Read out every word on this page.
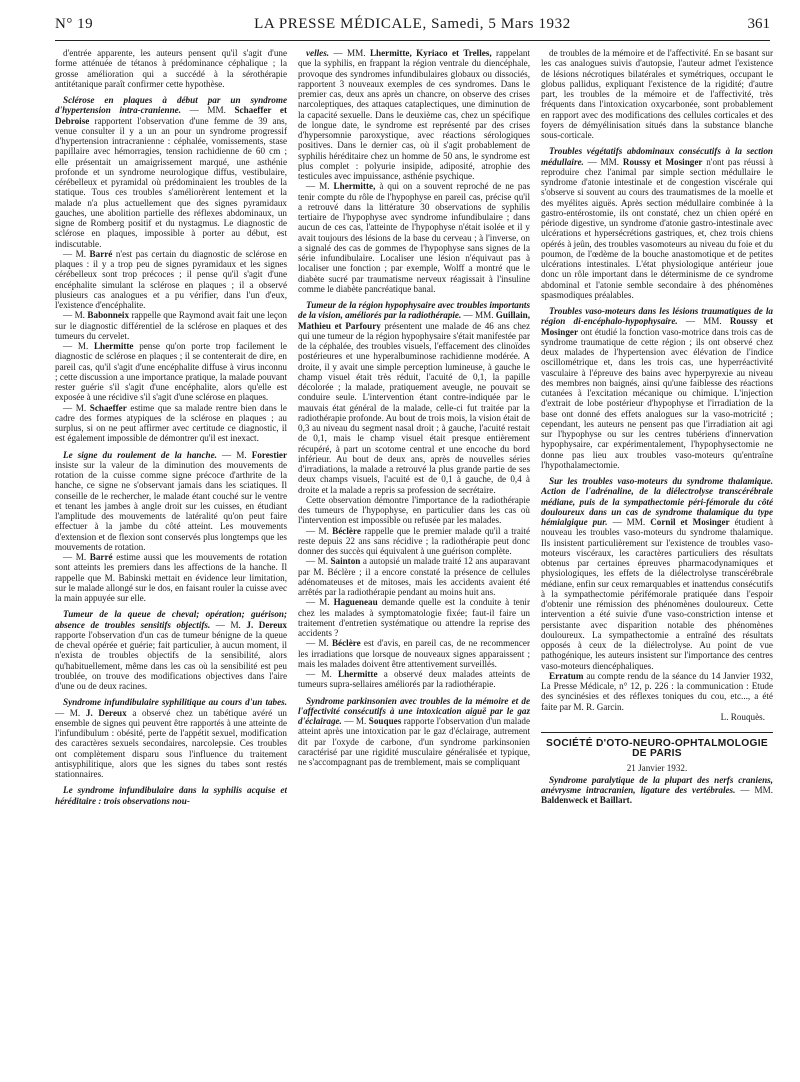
N° 19	LA PRESSE MÉDICALE, Samedi, 5 Mars 1932	361

d'entrée apparente, les auteurs pensent qu'il s'agit d'une forme atténuée de tétanos à prédominance céphalique ; la grosse amélioration qui a succédé à la sérothérapie antitétanique paraît confirmer cette hypothèse.

Sclérose en plaques à début par un syndrome d'hypertension intra-cranienne. — MM. Schaeffer et Debroise rapportent l'observation d'une femme de 39 ans, venue consulter il y a un an pour un syndrome progressif d'hypertension intracranienne : céphalée, vomissements, stase papillaire avec hémorragies, tension rachidienne de 60 cm ; elle présentait un amaigrissement marqué, une asthénie profonde et un syndrome neurologique diffus, vestibulaire, cérébelleux et pyramidal où prédominaient les troubles de la statique. Tous ces troubles s'améliorèrent lentement et la malade n'a plus actuellement que des signes pyramidaux gauches, une abolition partielle des réflexes abdominaux, un signe de Romberg positif et du nystagmus. Le diagnostic de sclérose en plaques, impossible à porter au début, est indiscutable.

— M. Barré n'est pas certain du diagnostic de sclérose en plaques : il y a trop peu de signes pyramidaux et les signes cérébelleux sont trop précoces ; il pense qu'il s'agit d'une encéphalite simulant la sclérose en plaques ; il a observé plusieurs cas analogues et a pu vérifier, dans l'un d'eux, l'existence d'encéphalite.

— M. Babonneix rappelle que Raymond avait fait une leçon sur le diagnostic différentiel de la sclérose en plaques et des tumeurs du cervelet.

— M. Lhermitte pense qu'on porte trop facilement le diagnostic de sclérose en plaques ; il se contenterait de dire, en pareil cas, qu'il s'agit d'une encéphalite diffuse à virus inconnu ; cette discussion a une importance pratique, la malade pouvant rester guérie s'il s'agit d'une encéphalite, alors qu'elle est exposée à une récidive s'il s'agit d'une sclérose en plaques.

— M. Schaeffer estime que sa malade rentre bien dans le cadre des formes atypiques de la sclérose en plaques ; au surplus, si on ne peut affirmer avec certitude ce diagnostic, il est également impossible de démontrer qu'il est inexact.

Le signe du roulement de la hanche. — M. Forestier insiste sur la valeur de la diminution des mouvements de rotation de la cuisse comme signe précoce d'arthrite de la hanche, ce signe ne s'observant jamais dans les sciatiques. Il conseille de le rechercher, le malade étant couché sur le ventre et tenant les jambes à angle droit sur les cuisses, en étudiant l'amplitude des mouvements de latéralité qu'on peut faire effectuer à la jambe du côté atteint. Les mouvements d'extension et de flexion sont conservés plus longtemps que les mouvements de rotation.

— M. Barré estime aussi que les mouvements de rotation sont atteints les premiers dans les affections de la hanche. Il rappelle que M. Babinski mettait en évidence leur limitation, sur le malade allongé sur le dos, en faisant rouler la cuisse avec la main appuyée sur elle.

Tumeur de la queue de cheval; opération; guérison; absence de troubles sensitifs objectifs. — M. J. Dereux rapporte l'observation d'un cas de tumeur bénigne de la queue de cheval opérée et guérie; fait particulier, à aucun moment, il n'exista de troubles objectifs de la sensibilité, alors qu'habituellement, même dans les cas où la sensibilité est peu troublée, on trouve des modifications objectives dans l'aire d'une ou de deux racines.

Syndrome infundibulaire syphilitique au cours d'un tabes. — M. J. Dereux a observé chez un tabétique avéré un ensemble de signes qui peuvent être rapportés à une atteinte de l'infundibulum : obésité, perte de l'appétit sexuel, modification des caractères sexuels secondaires, narcolepsie. Ces troubles ont complètement disparu sous l'influence du traitement antisyphilitique, alors que les signes du tabes sont restés stationnaires.

Le syndrome infundibulaire dans la syphilis acquise et héréditaire : trois observations nou-

velles. — MM. Lhermitte, Kyriaco et Trelles, rappelant que la syphilis, en frappant la région ventrale du diencéphale, provoque des syndromes infundibulaires globaux ou dissociés, rapportent 3 nouveaux exemples de ces syndromes. Dans le premier cas, deux ans après un chancre, on observe des crises narcoleptiques, des attaques cataplectiques, une diminution de la capacité sexuelle. Dans le deuxième cas, chez un spécifique de longue date, le syndrome est représenté par des crises d'hypersomnie paroxystique, avec réactions sérologiques positives. Dans le dernier cas, où il s'agit probablement de syphilis héréditaire chez un homme de 50 ans, le syndrome est plus complet : polyurie insipide, adiposité, atrophie des testicules avec impuissance, asthénie psychique.

— M. Lhermitte, à qui on a souvent reproché de ne pas tenir compte du rôle de l'hypophyse en pareil cas, précise qu'il a retrouvé dans la littérature 30 observations de syphilis tertiaire de l'hypophyse avec syndrome infundibulaire ; dans aucun de ces cas, l'atteinte de l'hypophyse n'était isolée et il y avait toujours des lésions de la base du cerveau ; à l'inverse, on a signalé des cas de gommes de l'hypophyse sans signes de la série infundibulaire. Localiser une lésion n'équivaut pas à localiser une fonction ; par exemple, Wolff a montré que le diabète sucré par traumatisme nerveux réagissait à l'insuline comme le diabète pancréatique banal.

Tumeur de la région hypophysaire avec troubles importants de la vision, améliorés par la radiothérapie. — MM. Guillain, Mathieu et Parfoury présentent une malade de 46 ans chez qui une tumeur de la région hypophysaire s'était manifestée par de la céphalée, des troubles visuels, l'effacement des clinoïdes postérieures et une hyperalbuminose rachidienne modérée. A droite, il y avait une simple perception lumineuse, à gauche le champ visuel était très réduit, l'acuité de 0,1, la papille décolorée ; la malade, pratiquement aveugle, ne pouvait se conduire seule. L'intervention étant contre-indiquée par le mauvais état général de la malade, celle-ci fut traitée par la radiothérapie profonde. Au bout de trois mois, la vision était de 0,3 au niveau du segment nasal droit ; à gauche, l'acuité restait de 0,1, mais le champ visuel était presque entièrement récupéré, à part un scotome central et une encoche du bord inférieur. Au bout de deux ans, après de nouvelles séries d'irradiations, la malade a retrouvé la plus grande partie de ses deux champs visuels, l'acuité est de 0,1 à gauche, de 0,4 à droite et la malade a repris sa profession de secrétaire.

Cette observation démontre l'importance de la radiothérapie des tumeurs de l'hypophyse, en particulier dans les cas où l'intervention est impossible ou refusée par les malades.

— M. Béclère rappelle que le premier malade qu'il a traité reste depuis 22 ans sans récidive ; la radiothérapie peut donc donner des succès qui équivalent à une guérison complète.

— M. Sainton a autopsié un malade traité 12 ans auparavant par M. Béclère ; il a encore constaté la présence de cellules adénomateuses et de mitoses, mais les accidents avaient été arrêtés par la radiothérapie pendant au moins huit ans.

— M. Hagueneau demande quelle est la conduite à tenir chez les malades à symptomatologie fixée; faut-il faire un traitement d'entretien systématique ou attendre la reprise des accidents ?

— M. Béclère est d'avis, en pareil cas, de ne recommencer les irradiations que lorsque de nouveaux signes apparaissent ; mais les malades doivent être attentivement surveillés.

— M. Lhermitte a observé deux malades atteints de tumeurs supra-sellaires améliorés par la radiothérapie.

Syndrome parkinsonien avec troubles de la mémoire et de l'affectivité consécutifs à une intoxication aiguë par le gaz d'éclairage. — M. Souques rapporte l'observation d'un malade atteint après une intoxication par le gaz d'éclairage, autrement dit par l'oxyde de carbone, d'un syndrome parkinsonien caractérisé par une rigidité musculaire généralisée et typique, ne s'accompagnant pas de tremblement, mais se compliquant

de troubles de la mémoire et de l'affectivité. En se basant sur les cas analogues suivis d'autopsie, l'auteur admet l'existence de lésions nécrotiques bilatérales et symétriques, occupant le globus pallidus, expliquant l'existence de la rigidité; d'autre part, les troubles de la mémoire et de l'affectivité, très fréquents dans l'intoxication oxycarbonée, sont probablement en rapport avec des modifications des cellules corticales et des foyers de démyélinisation situés dans la substance blanche sous-corticale.

Troubles végétatifs abdominaux consécutifs à la section médullaire. — MM. Roussy et Mosinger n'ont pas réussi à reproduire chez l'animal par simple section médullaire le syndrome d'atonie intestinale et de congestion viscérale qui s'observe si souvent au cours des traumatismes de la moelle et des myélites aiguës. Après section médullaire combinée à la gastro-entérostomie, ils ont constaté, chez un chien opéré en période digestive, un syndrome d'atonie gastro-intestinale avec ulcérations et hypersécrétions gastriques, et, chez trois chiens opérés à jeûn, des troubles vasomoteurs au niveau du foie et du poumon, de l'œdème de la bouche anastomotique et de petites ulcérations intestinales. L'état physiologique antérieur joue donc un rôle important dans le déterminisme de ce syndrome abdominal et l'atonie semble secondaire à des phénomènes spasmodiques préalables.

Troubles vaso-moteurs dans les lésions traumatiques de la région di-encéphalo-hypophysaire. — MM. Roussy et Mosinger ont étudié la fonction vaso-motrice dans trois cas de syndrome traumatique de cette région ; ils ont observé chez deux malades de l'hypertension avec élévation de l'indice oscillométrique et, dans les trois cas, une hyperréactivité vasculaire à l'épreuve des bains avec hyperpyrexie au niveau des membres non baignés, ainsi qu'une faiblesse des réactions cutanées à l'excitation mécanique ou chimique. L'injection d'extrait de lobe postérieur d'hypophyse et l'irradiation de la base ont donné des effets analogues sur la vaso-motricité ; cependant, les auteurs ne pensent pas que l'irradiation ait agi sur l'hypophyse ou sur les centres tubériens d'innervation hypophysaire, car expérimentalement, l'hypophysectomie ne donne pas lieu aux troubles vaso-moteurs qu'entraîne l'hypothalamectomie.

Sur les troubles vaso-moteurs du syndrome thalamique. Action de l'adrénaline, de la diélectrolyse transcérébrale médiane, puis de la sympathectomie péri-fémorale du côté douloureux dans un cas de syndrome thalamique du type hémialgique pur. — MM. Cornil et Mosinger étudient à nouveau les troubles vaso-moteurs du syndrome thalamique. Ils insistent particulièrement sur l'existence de troubles vaso-moteurs viscéraux, les caractères particuliers des résultats obtenus par certaines épreuves pharmacodynamiques et physiologiques, les effets de la diélectrolyse transcérébrale médiane, enfin sur ceux remarquables et inattendus consécutifs à la sympathectomie périfémorale pratiquée dans l'espoir d'obtenir une rémission des phénomènes douloureux. Cette intervention a été suivie d'une vaso-constriction intense et persistante avec disparition notable des phénomènes douloureux. La sympathectomie a entraîné des résultats opposés à ceux de la diélectrolyse. Au point de vue pathogénique, les auteurs insistent sur l'importance des centres vaso-moteurs diencéphaliques.

Erratum au compte rendu de la séance du 14 Janvier 1932, La Presse Médicale, n° 12, p. 226 : la communication : Etude des syncinésies et des réflexes toniques du cou, etc..., a été faite par M. R. Garcin.

L. Rouquès.

SOCIÉTÉ D'OTO-NEURO-OPHTALMOLOGIE DE PARIS
21 Janvier 1932.

Syndrome paralytique de la plupart des nerfs craniens, anévrysme intracranien, ligature des vertébrales. — MM. Baldenweck et Baillart.
